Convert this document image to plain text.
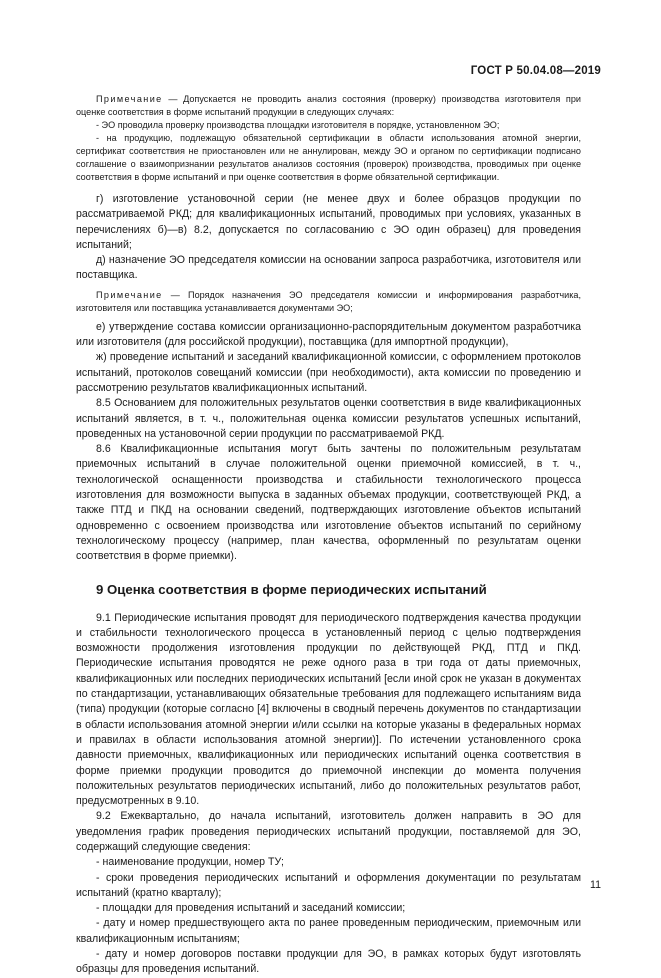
ГОСТ Р 50.04.08—2019

Примечание — Допускается не проводить анализ состояния (проверку) производства изготовителя при оценке соответствия в форме испытаний продукции в следующих случаях:

- ЭО проводила проверку производства площадки изготовителя в порядке, установленном ЭО;

- на продукцию, подлежащую обязательной сертификации в области использования атомной энергии, сертификат соответствия не приостановлен или не аннулирован, между ЭО и органом по сертификации подписано соглашение о взаимопризнании результатов анализов состояния (проверок) производства, проводимых при оценке соответствия в форме испытаний и при оценке соответствия в форме обязательной сертификации.

г) изготовление установочной серии (не менее двух и более образцов продукции по рассматриваемой РКД; для квалификационных испытаний, проводимых при условиях, указанных в перечислениях б)—в) 8.2, допускается по согласованию с ЭО один образец) для проведения испытаний;

д) назначение ЭО председателя комиссии на основании запроса разработчика, изготовителя или поставщика.

Примечание — Порядок назначения ЭО председателя комиссии и информирования разработчика, изготовителя или поставщика устанавливается документами ЭО;

е) утверждение состава комиссии организационно-распорядительным документом разработчика или изготовителя (для российской продукции), поставщика (для импортной продукции),

ж) проведение испытаний и заседаний квалификационной комиссии, с оформлением протоколов испытаний, протоколов совещаний комиссии (при необходимости), акта комиссии по проведению и рассмотрению результатов квалификационных испытаний.

8.5 Основанием для положительных результатов оценки соответствия в виде квалификационных испытаний является, в т. ч., положительная оценка комиссии результатов успешных испытаний, проведенных на установочной серии продукции по рассматриваемой РКД.

8.6 Квалификационные испытания могут быть зачтены по положительным результатам приемочных испытаний в случае положительной оценки приемочной комиссией, в т. ч., технологической оснащенности производства и стабильности технологического процесса изготовления для возможности выпуска в заданных объемах продукции, соответствующей РКД, а также ПТД и ПКД на основании сведений, подтверждающих изготовление объектов испытаний одновременно с освоением производства или изготовление объектов испытаний по серийному технологическому процессу (например, план качества, оформленный по результатам оценки соответствия в форме приемки).

9 Оценка соответствия в форме периодических испытаний

9.1 Периодические испытания проводят для периодического подтверждения качества продукции и стабильности технологического процесса в установленный период с целью подтверждения возможности продолжения изготовления продукции по действующей РКД, ПТД и ПКД. Периодические испытания проводятся не реже одного раза в три года от даты приемочных, квалификационных или последних периодических испытаний [если иной срок не указан в документах по стандартизации, устанавливающих обязательные требования для подлежащего испытаниям вида (типа) продукции (которые согласно [4] включены в сводный перечень документов по стандартизации в области использования атомной энергии и/или ссылки на которые указаны в федеральных нормах и правилах в области использования атомной энергии)]. По истечении установленного срока давности приемочных, квалификационных или периодических испытаний оценка соответствия в форме приемки продукции проводится до приемочной инспекции до момента получения положительных результатов периодических испытаний, либо до положительных результатов работ, предусмотренных в 9.10.

9.2 Ежеквартально, до начала испытаний, изготовитель должен направить в ЭО для уведомления график проведения периодических испытаний продукции, поставляемой для ЭО, содержащий следующие сведения:

- наименование продукции, номер ТУ;

- сроки проведения периодических испытаний и оформления документации по результатам испытаний (кратно кварталу);

- площадки для проведения испытаний и заседаний комиссии;

- дату и номер предшествующего акта по ранее проведенным периодическим, приемочным или квалификационным испытаниям;

- дату и номер договоров поставки продукции для ЭО, в рамках которых будут изготовлять образцы для проведения испытаний.

11
